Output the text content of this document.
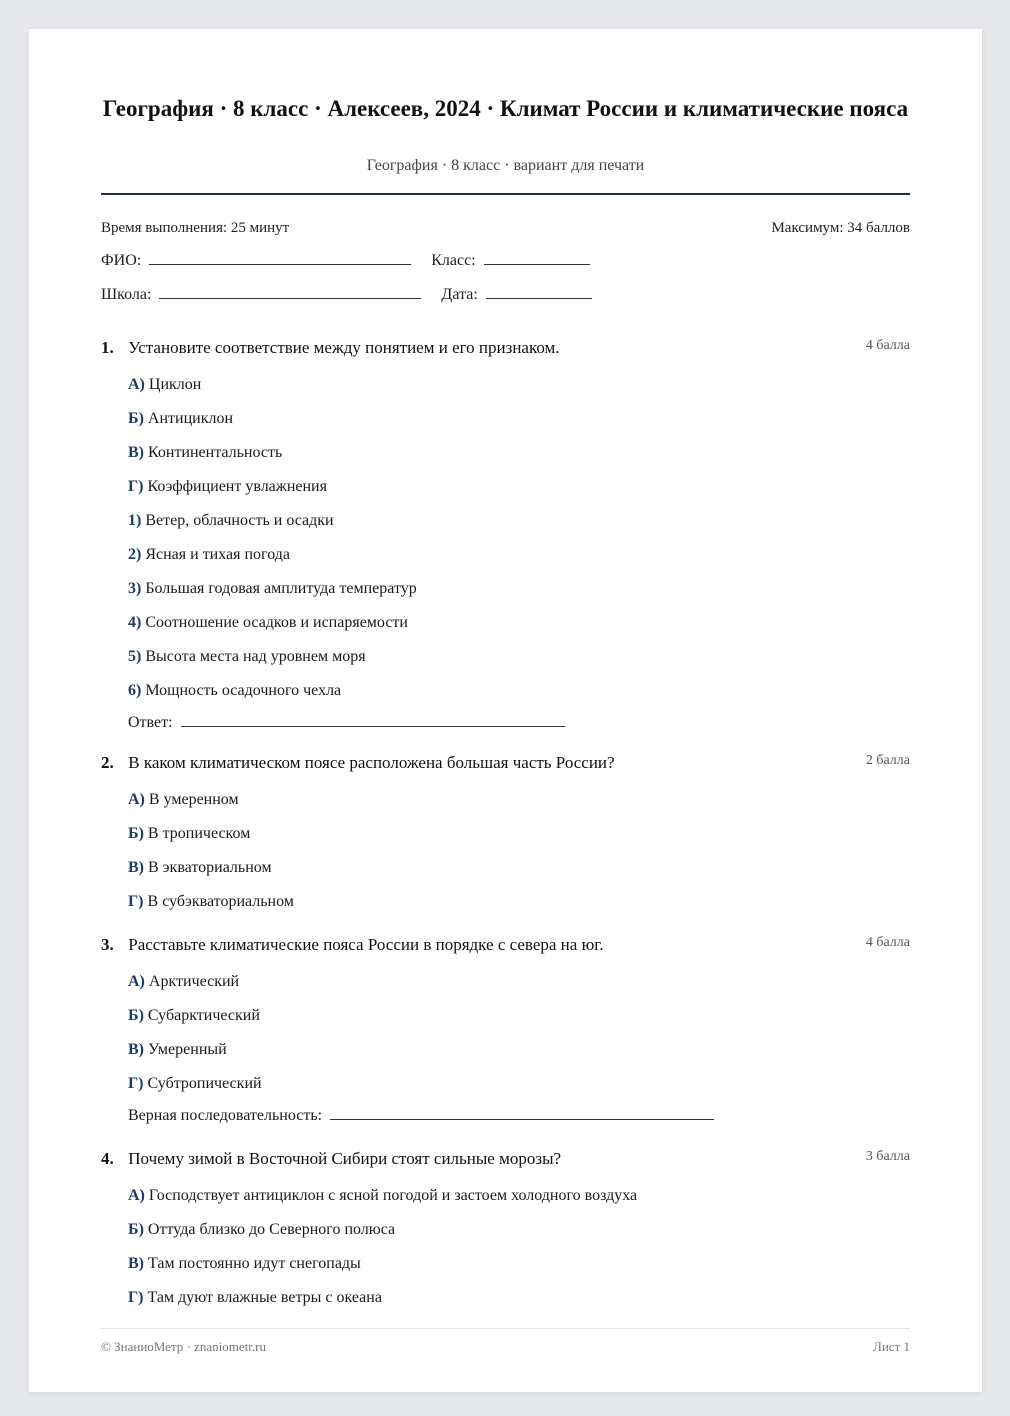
География · 8 класс · Алексеев, 2024 · Климат России и климатические пояса
География · 8 класс · вариант для печати
Время выполнения: 25 минут	Максимум: 34 баллов
ФИО:	Класс:
Школа:	Дата:
1. Установите соответствие между понятием и его признаком.	4 балла
А) Циклон
Б) Антициклон
В) Континентальность
Г) Коэффициент увлажнения
1) Ветер, облачность и осадки
2) Ясная и тихая погода
3) Большая годовая амплитуда температур
4) Соотношение осадков и испаряемости
5) Высота места над уровнем моря
6) Мощность осадочного чехла
Ответ:
2. В каком климатическом поясе расположена большая часть России?	2 балла
А) В умеренном
Б) В тропическом
В) В экваториальном
Г) В субэкваториальном
3. Расставьте климатические пояса России в порядке с севера на юг.	4 балла
А) Арктический
Б) Субарктический
В) Умеренный
Г) Субтропический
Верная последовательность:
4. Почему зимой в Восточной Сибири стоят сильные морозы?	3 балла
А) Господствует антициклон с ясной погодой и застоем холодного воздуха
Б) Оттуда близко до Северного полюса
В) Там постоянно идут снегопады
Г) Там дуют влажные ветры с океана
© ЗнаниоМетр · znaniometr.ru	Лист 1
